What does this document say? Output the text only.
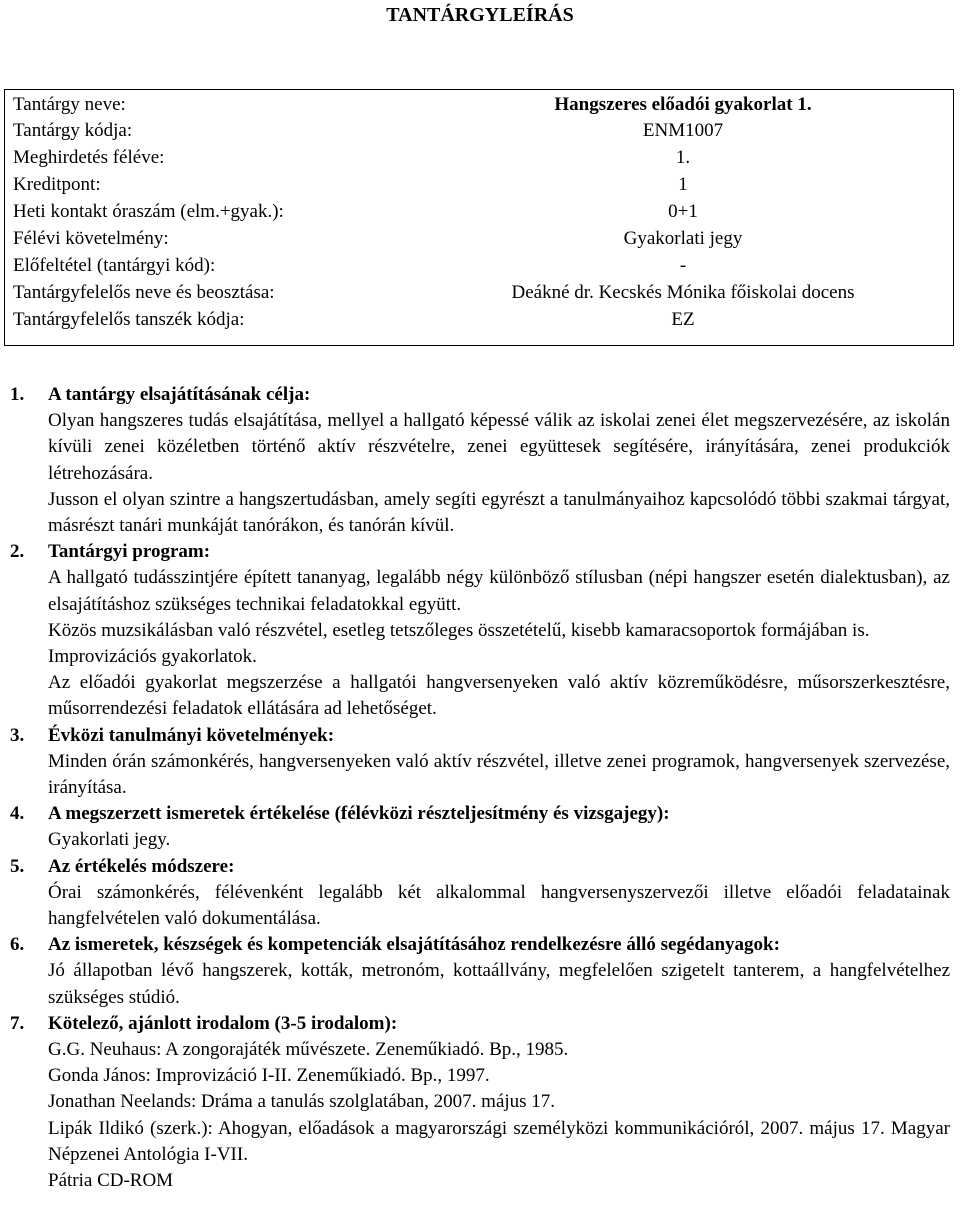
TANTÁRGYLEÍRÁS
Tantárgy neve:	Hangszeres előadói gyakorlat 1.
Tantárgy kódja:	ENM1007
Meghirdetés féléve:	1.
Kreditpont:	1
Heti kontakt óraszám (elm.+gyak.):	0+1
Félévi követelmény:	Gyakorlati jegy
Előfeltétel (tantárgyi kód):	-
Tantárgyfelelős neve és beosztása:	Deákné dr. Kecskés Mónika főiskolai docens
Tantárgyfelelős tanszék kódja:	EZ
1. A tantárgy elsajátításának célja:

Olyan hangszeres tudás elsajátítása, mellyel a hallgató képessé válik az iskolai zenei élet megszervezésére, az iskolán kívüli zenei közéletben történő aktív részvételre, zenei együttesek segítésére, irányítására, zenei produkciók létrehozására.

Jusson el olyan szintre a hangszertudásban, amely segíti egyrészt a tanulmányaihoz kapcsolódó többi szakmai tárgyat, másrészt tanári munkáját tanórákon, és tanórán kívül.

2. Tantárgyi program:

A hallgató tudásszintjére épített tananyag, legalább négy különböző stílusban (népi hangszer esetén dialektusban), az elsajátításhoz szükséges technikai feladatokkal együtt.

Közös muzsikálásban való részvétel, esetleg tetszőleges összetételű, kisebb kamaracsoportok formájában is.

Improvizációs gyakorlatok.

Az előadói gyakorlat megszerzése a hallgatói hangversenyeken való aktív közreműködésre, műsorszerkesztésre, műsorrendezési feladatok ellátására ad lehetőséget.

3. Évközi tanulmányi követelmények:

Minden órán számonkérés, hangversenyeken való aktív részvétel, illetve zenei programok, hangversenyek szervezése, irányítása.

4. A megszerzett ismeretek értékelése (félévközi részteljesítmény és vizsgajegy):

Gyakorlati jegy.

5. Az értékelés módszere:

Órai számonkérés, félévenként legalább két alkalommal hangversenyszervezői illetve előadói feladatainak hangfelvételen való dokumentálása.

6. Az ismeretek, készségek és kompetenciák elsajátításához rendelkezésre álló segédanyagok:

Jó állapotban lévő hangszerek, kották, metronóm, kottaállvány, megfelelően szigetelt tanterem, a hangfelvételhez szükséges stúdió.

7. Kötelező, ajánlott irodalom (3-5 irodalom):

G.G. Neuhaus: A zongorajáték művészete. Zeneműkiadó. Bp., 1985.

Gonda János: Improvizáció I-II. Zeneműkiadó. Bp., 1997.

Jonathan Neelands: Dráma a tanulás szolglatában, 2007. május 17.

Lipák Ildikó (szerk.): Ahogyan, előadások a magyarországi személyközi kommunikációról, 2007. május 17. Magyar Népzenei Antológia I-VII.

Pátria CD-ROM
